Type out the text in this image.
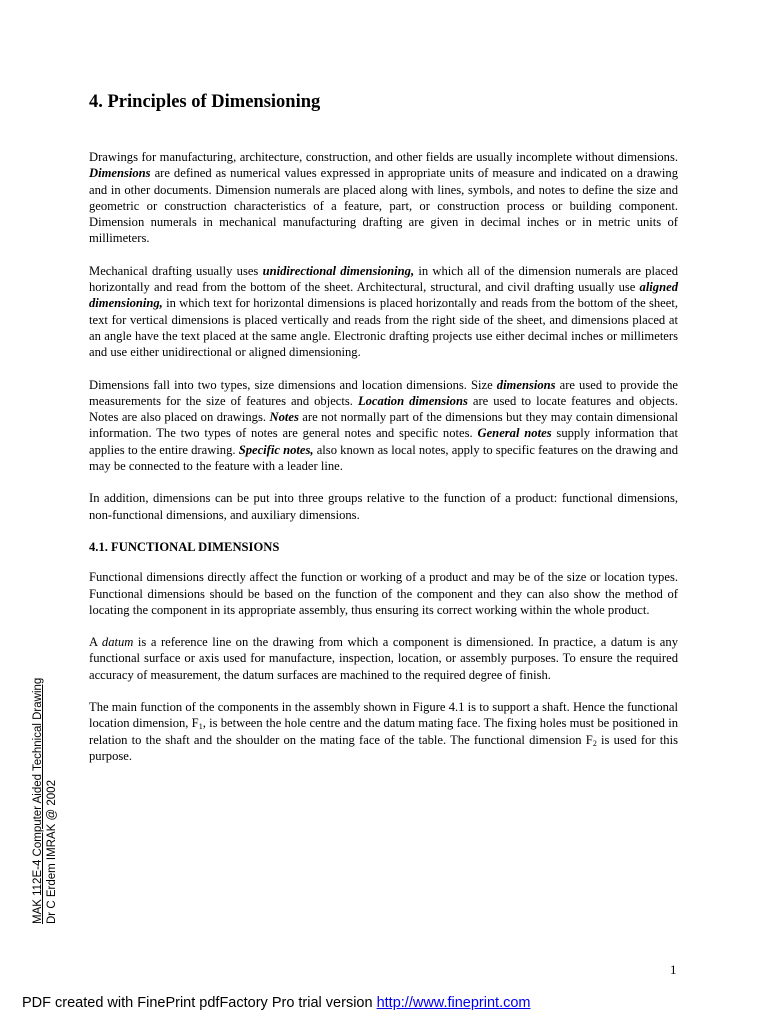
4. Principles of Dimensioning

Drawings for manufacturing, architecture, construction, and other fields are usually incomplete without dimensions. Dimensions are defined as numerical values expressed in appropriate units of measure and indicated on a drawing and in other documents. Dimension numerals are placed along with lines, symbols, and notes to define the size and geometric or construction characteristics of a feature, part, or construction process or building component. Dimension numerals in mechanical manufacturing drafting are given in decimal inches or in metric units of millimeters.

Mechanical drafting usually uses unidirectional dimensioning, in which all of the dimension numerals are placed horizontally and read from the bottom of the sheet. Architectural, structural, and civil drafting usually use aligned dimensioning, in which text for horizontal dimensions is placed horizontally and reads from the bottom of the sheet, text for vertical dimensions is placed vertically and reads from the right side of the sheet, and dimensions placed at an angle have the text placed at the same angle. Electronic drafting projects use either decimal inches or millimeters and use either unidirectional or aligned dimensioning.

Dimensions fall into two types, size dimensions and location dimensions. Size dimensions are used to provide the measurements for the size of features and objects. Location dimensions are used to locate features and objects. Notes are also placed on drawings. Notes are not normally part of the dimensions but they may contain dimensional information. The two types of notes are general notes and specific notes. General notes supply information that applies to the entire drawing. Specific notes, also known as local notes, apply to specific features on the drawing and may be connected to the feature with a leader line.

In addition, dimensions can be put into three groups relative to the function of a product: functional dimensions, non-functional dimensions, and auxiliary dimensions.

4.1. FUNCTIONAL DIMENSIONS

Functional dimensions directly affect the function or working of a product and may be of the size or location types. Functional dimensions should be based on the function of the component and they can also show the method of locating the component in its appropriate assembly, thus ensuring its correct working within the whole product.

A datum is a reference line on the drawing from which a component is dimensioned. In practice, a datum is any functional surface or axis used for manufacture, inspection, location, or assembly purposes. To ensure the required accuracy of measurement, the datum surfaces are machined to the required degree of finish.

The main function of the components in the assembly shown in Figure 4.1 is to support a shaft. Hence the functional location dimension, $F_1$, is between the hole centre and the datum mating face. The fixing holes must be positioned in relation to the shaft and the shoulder on the mating face of the table. The functional dimension $F_2$ is used for this purpose.

MAK 112E-4 Computer Aided Technical Drawing Dr C Erdem IMRAK @ 2002
1
PDF created with FinePrint pdfFactory Pro trial version http://www.fineprint.com
